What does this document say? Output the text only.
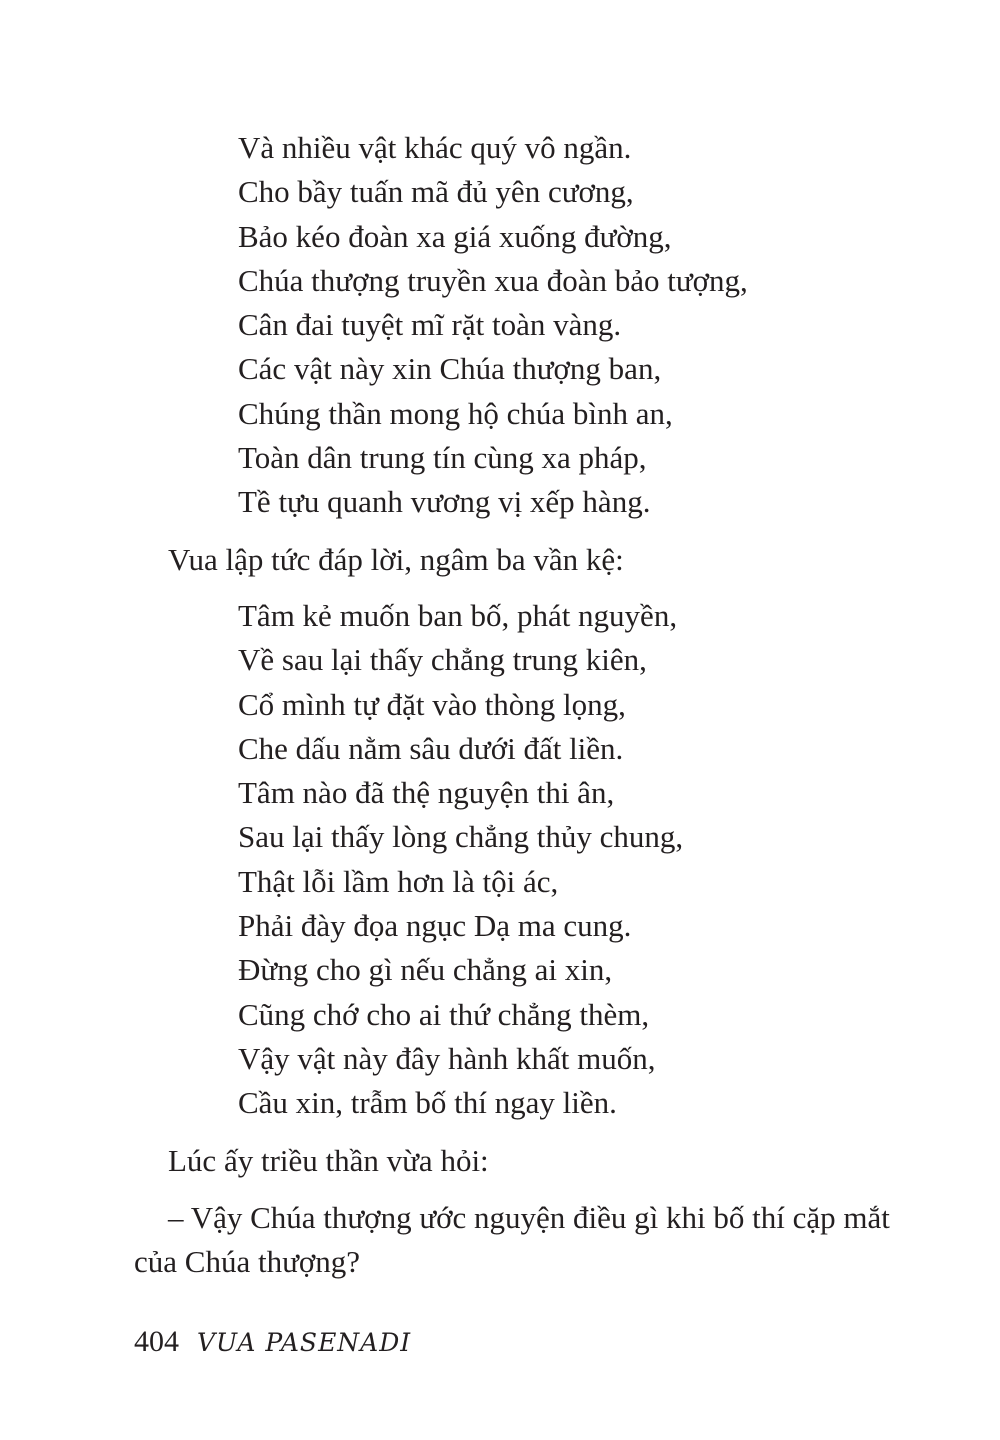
Và nhiều vật khác quý vô ngần.
Cho bầy tuấn mã đủ yên cương,
Bảo kéo đoàn xa giá xuống đường,
Chúa thượng truyền xua đoàn bảo tượng,
Cân đai tuyệt mĩ rặt toàn vàng.
Các vật này xin Chúa thượng ban,
Chúng thần mong hộ chúa bình an,
Toàn dân trung tín cùng xa pháp,
Tề tựu quanh vương vị xếp hàng.

Vua lập tức đáp lời, ngâm ba vần kệ:

Tâm kẻ muốn ban bố, phát nguyền,
Về sau lại thấy chẳng trung kiên,
Cổ mình tự đặt vào thòng lọng,
Che dấu nằm sâu dưới đất liền.
Tâm nào đã thệ nguyện thi ân,
Sau lại thấy lòng chẳng thủy chung,
Thật lỗi lầm hơn là tội ác,
Phải đày đọa ngục Dạ ma cung.
Đừng cho gì nếu chẳng ai xin,
Cũng chớ cho ai thứ chẳng thèm,
Vậy vật này đây hành khất muốn,
Cầu xin, trẫm bố thí ngay liền.

Lúc ấy triều thần vừa hỏi:

– Vậy Chúa thượng ước nguyện điều gì khi bố thí cặp mắt của Chúa thượng?

404 VUA PASENADI
